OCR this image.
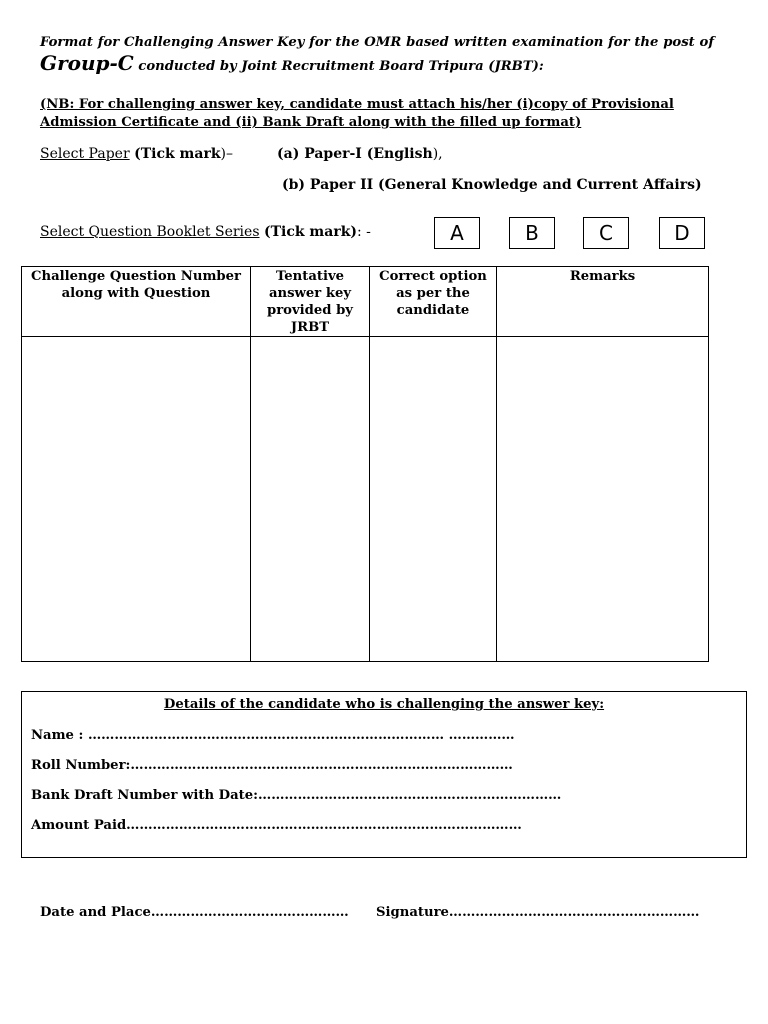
Format for Challenging Answer Key for the OMR based written examination for the post of
Group-C conducted by Joint Recruitment Board Tripura (JRBT):
(NB: For challenging answer key, candidate must attach his/her (i)copy of Provisional Admission Certificate and (ii) Bank Draft along with the filled up format)
Select Paper (Tick mark)–	(a) Paper-I (English),
(b) Paper II (General Knowledge and Current Affairs)
Select Question Booklet Series (Tick mark): -	A	B	C	D
Challenge Question Number along with Question	Tentative answer key provided by JRBT	Correct option as per the candidate	Remarks

Details of the candidate who is challenging the answer key:
Name : ……………………………………………………………………… ……………
Roll Number:……………………………………………………………………………
Bank Draft Number with Date:……………………………………………………………
Amount Paid………………………………………………………………………………
Date and Place……………………………………… Signature…………………………………………………
